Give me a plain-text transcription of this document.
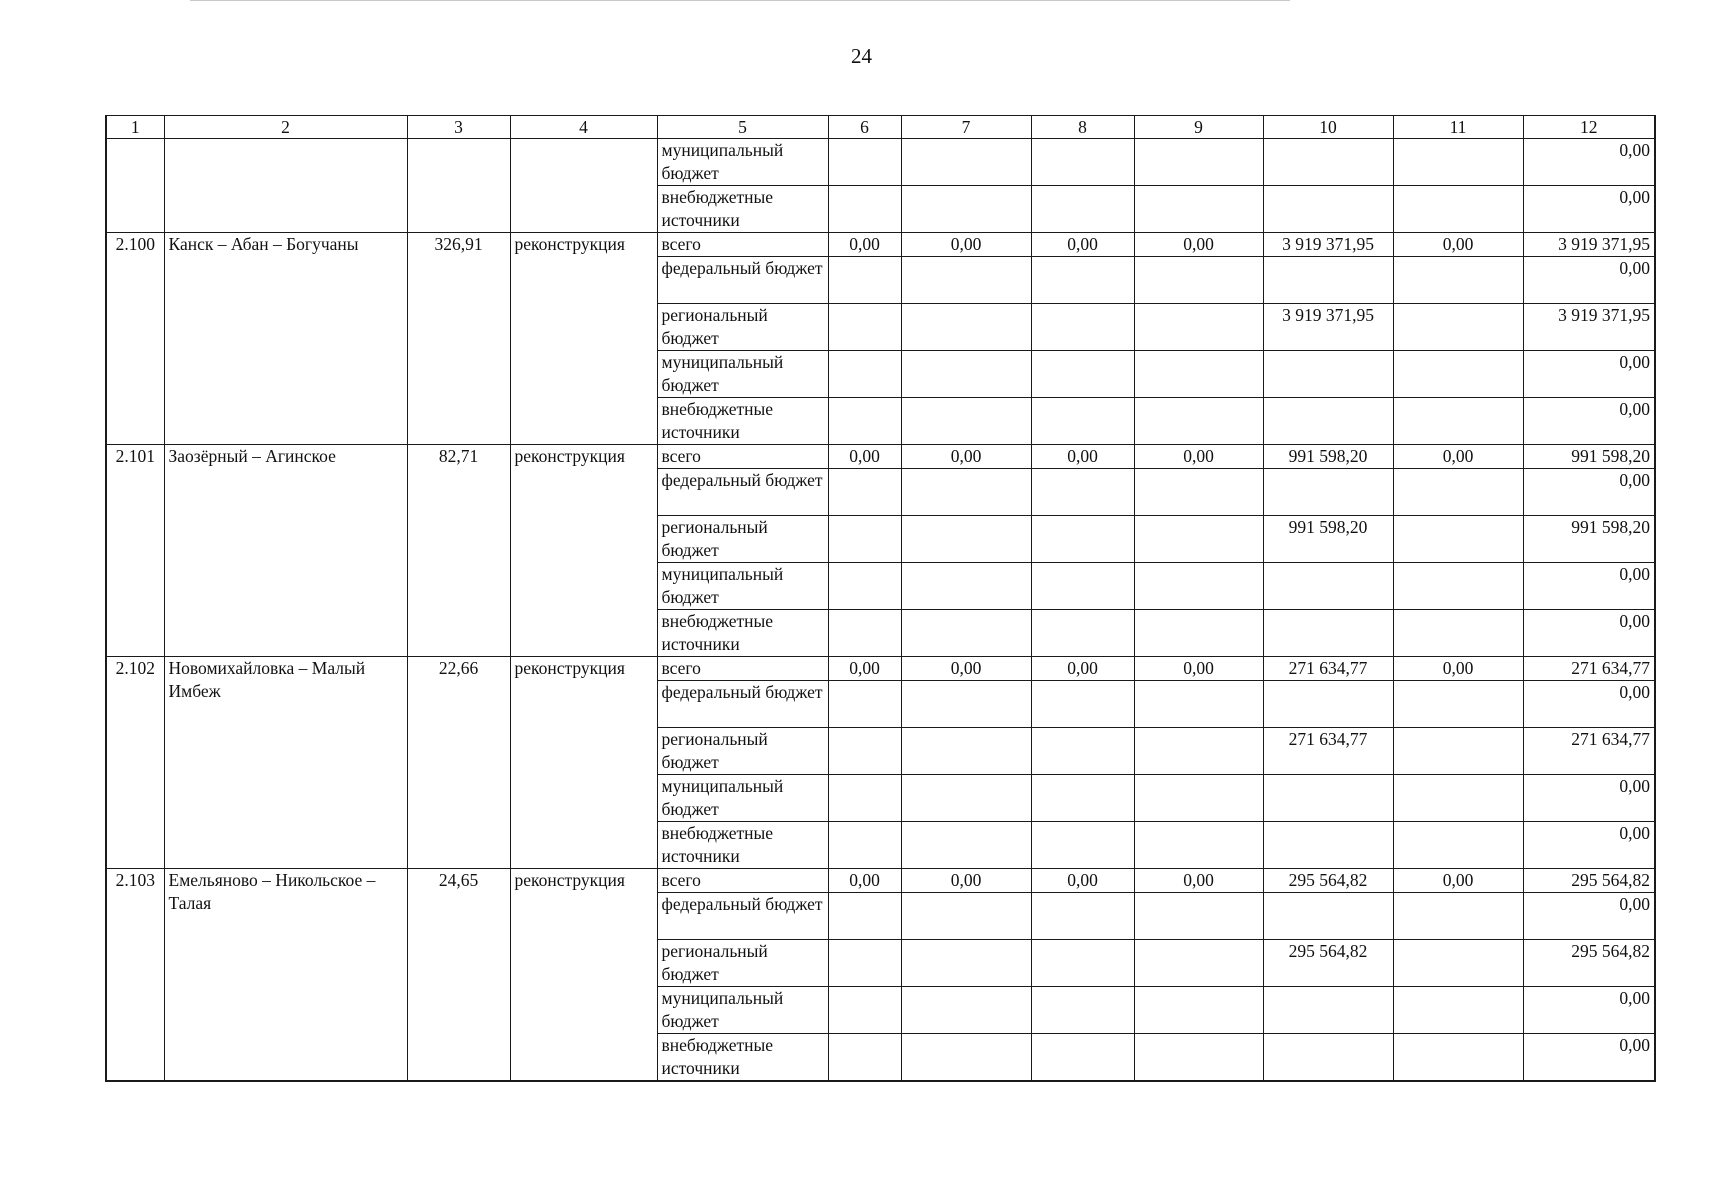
24
1	2	3	4	5	6	7	8	9	10	11	12
				муниципальный бюджет							0,00
				внебюджетные источники							0,00
2.100	Канск – Абан – Богучаны	326,91	реконструкция	всего	0,00	0,00	0,00	0,00	3 919 371,95	0,00	3 919 371,95
				федеральный бюджет							0,00
				региональный бюджет					3 919 371,95		3 919 371,95
				муниципальный бюджет							0,00
				внебюджетные источники							0,00
2.101	Заозёрный – Агинское	82,71	реконструкция	всего	0,00	0,00	0,00	0,00	991 598,20	0,00	991 598,20
				федеральный бюджет							0,00
				региональный бюджет					991 598,20		991 598,20
				муниципальный бюджет							0,00
				внебюджетные источники							0,00
2.102	Новомихайловка – Малый Имбеж	22,66	реконструкция	всего	0,00	0,00	0,00	0,00	271 634,77	0,00	271 634,77
				федеральный бюджет							0,00
				региональный бюджет					271 634,77		271 634,77
				муниципальный бюджет							0,00
				внебюджетные источники							0,00
2.103	Емельяново – Никольское – Талая	24,65	реконструкция	всего	0,00	0,00	0,00	0,00	295 564,82	0,00	295 564,82
				федеральный бюджет							0,00
				региональный бюджет					295 564,82		295 564,82
				муниципальный бюджет							0,00
				внебюджетные источники							0,00
